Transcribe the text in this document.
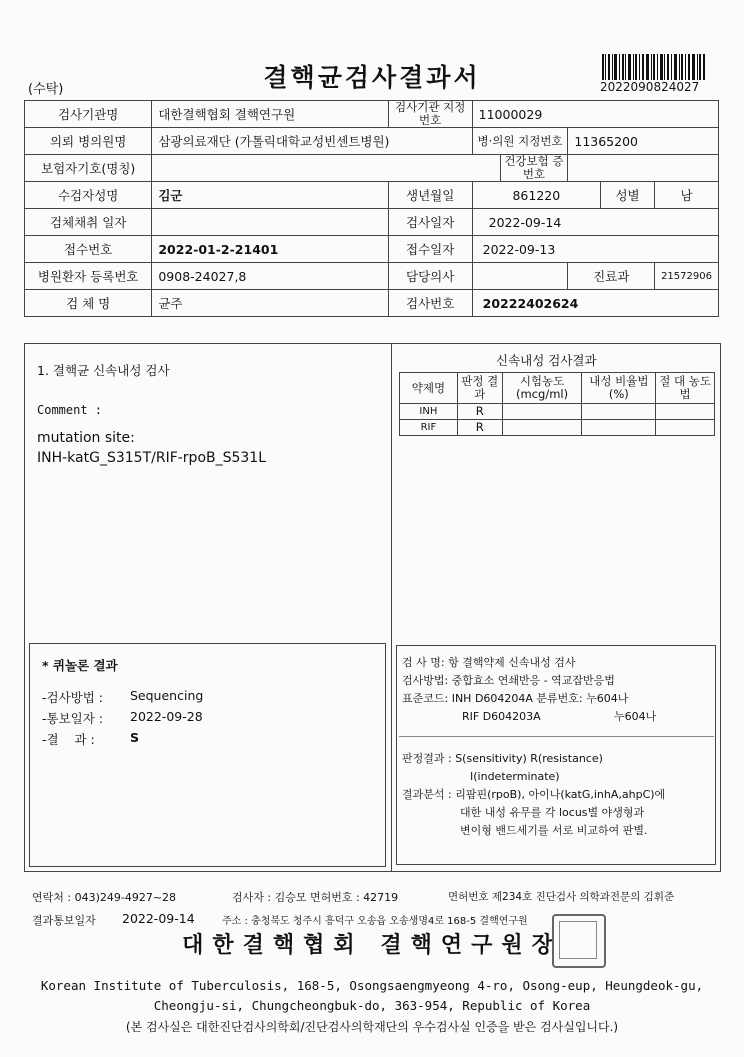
(수탁)	결핵균검사결과서	2022090824027
검사기관명	대한결핵협회 결핵연구원	검사기관 지정번호	11000029				
의뢰 병의원명	삼광의료재단 (가톨릭대학교성빈센트병원)		병·의원 지정번호		11365200		
보험자기호(명칭)				건강보험 증번호			
수검자성명	김군	생년월일	861220			성별	남
검체채취 일자		검사일자	2022-09-14				
접수번호	2022-01-2-21401	접수일자	2022-09-13				
병원환자 등록번호	0908-24027,8	담당의사			진료과		21572906
검 체 명	균주	검사번호	20222402624				
1. 결핵균 신속내성 검사
Comment :
mutation site:
INH-katG_S315T/RIF-rpoB_S531L
신속내성 검사결과
약제명	판정 결과	시험농도 (mcg/ml)	내성 비율법(%)	절 대 농도법
INH	R			
RIF	R			
* 퀴놀론 결과
-검사방법 : Sequencing
-통보일자 : 2022-09-28
-결    과 :	S
검 사 명: 항 결핵약제 신속내성 검사
검사방법: 중합효소 연쇄반응 - 역교잡반응법
표준코드: INH D604204A 분류번호: 누604나
RIF D604203A	누604나
판정결과 : S(sensitivity) R(resistance)
I(indeterminate)
결과분석 : 리팜핀(rpoB), 아이나(katG,inhA,ahpC)에
대한 내성 유무를 각 locus별 야생형과
변이형 밴드세기를 서로 비교하여 판별.
연락처 : 043)249-4927~28	검사자 : 김승모 면허번호 : 42719	면허번호 제234호 진단검사 의학과전문의 김휘준
결과통보일자 2022-09-14	주소 : 충청북도 청주시 흥덕구 오송읍 오송생명4로 168-5 결핵연구원
대한결핵협회 결핵연구원장
Korean Institute of Tuberculosis, 168-5, Osongsaengmyeong 4-ro, Osong-eup, Heungdeok-gu,
Cheongju-si, Chungcheongbuk-do, 363-954, Republic of Korea
(본 검사실은 대한진단검사의학회/진단검사의학재단의 우수검사실 인증을 받은 검사실입니다.)
